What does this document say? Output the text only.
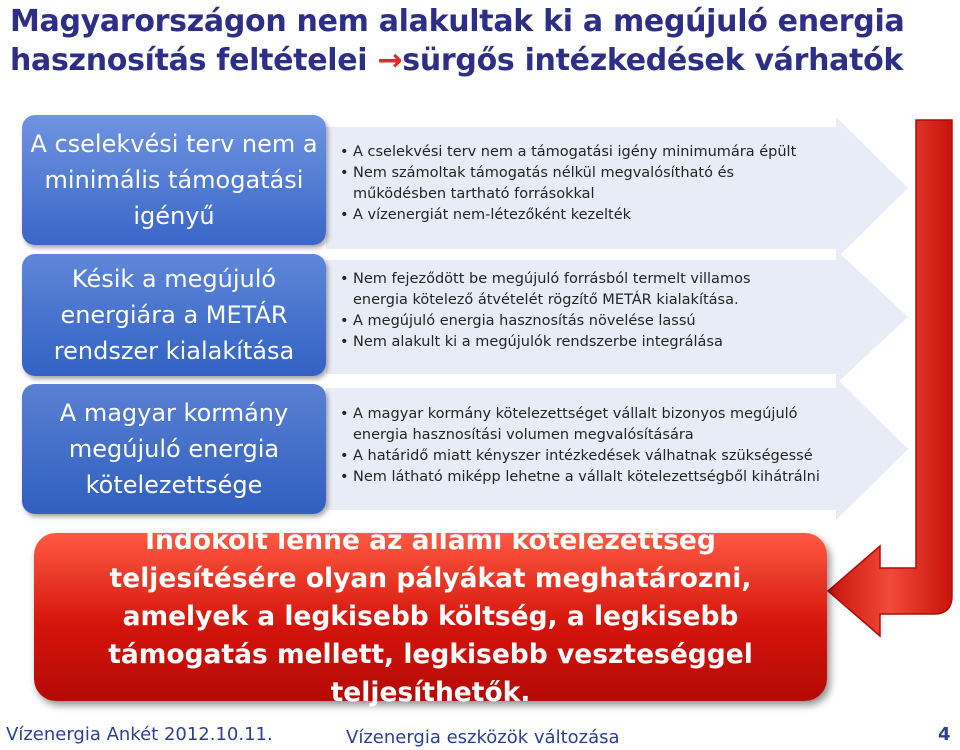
Magyarországon nem alakultak ki a megújuló energia
hasznosítás feltételei →sürgős intézkedések várhatók
A cselekvési terv nem a minimális támogatási igényű
Késik a megújuló energiára a METÁR rendszer kialakítása
A magyar kormány megújuló energia kötelezettsége
• A cselekvési terv nem a támogatási igény minimumára épült
• Nem számoltak támogatás nélkül megvalósítható és működésben tartható forrásokkal
• A vízenergiát nem-létezőként kezelték
• Nem fejeződött be megújuló forrásból termelt villamos energia kötelező átvételét rögzítő METÁR kialakítása.
• A megújuló energia hasznosítás növelése lassú
• Nem alakult ki a megújulók rendszerbe integrálása
• A magyar kormány kötelezettséget vállalt bizonyos megújuló energia hasznosítási volumen megvalósítására
• A határidő miatt kényszer intézkedések válhatnak szükségessé
• Nem látható miképp lehetne a vállalt kötelezettségből kihátrálni
Indokolt lenne az állami kötelezettség teljesítésére olyan pályákat meghatározni, amelyek a legkisebb költség, a legkisebb támogatás mellett, legkisebb veszteséggel teljesíthetők.
Vízenergia Ankét 2012.10.11.	Vízenergia eszközök változása	4
